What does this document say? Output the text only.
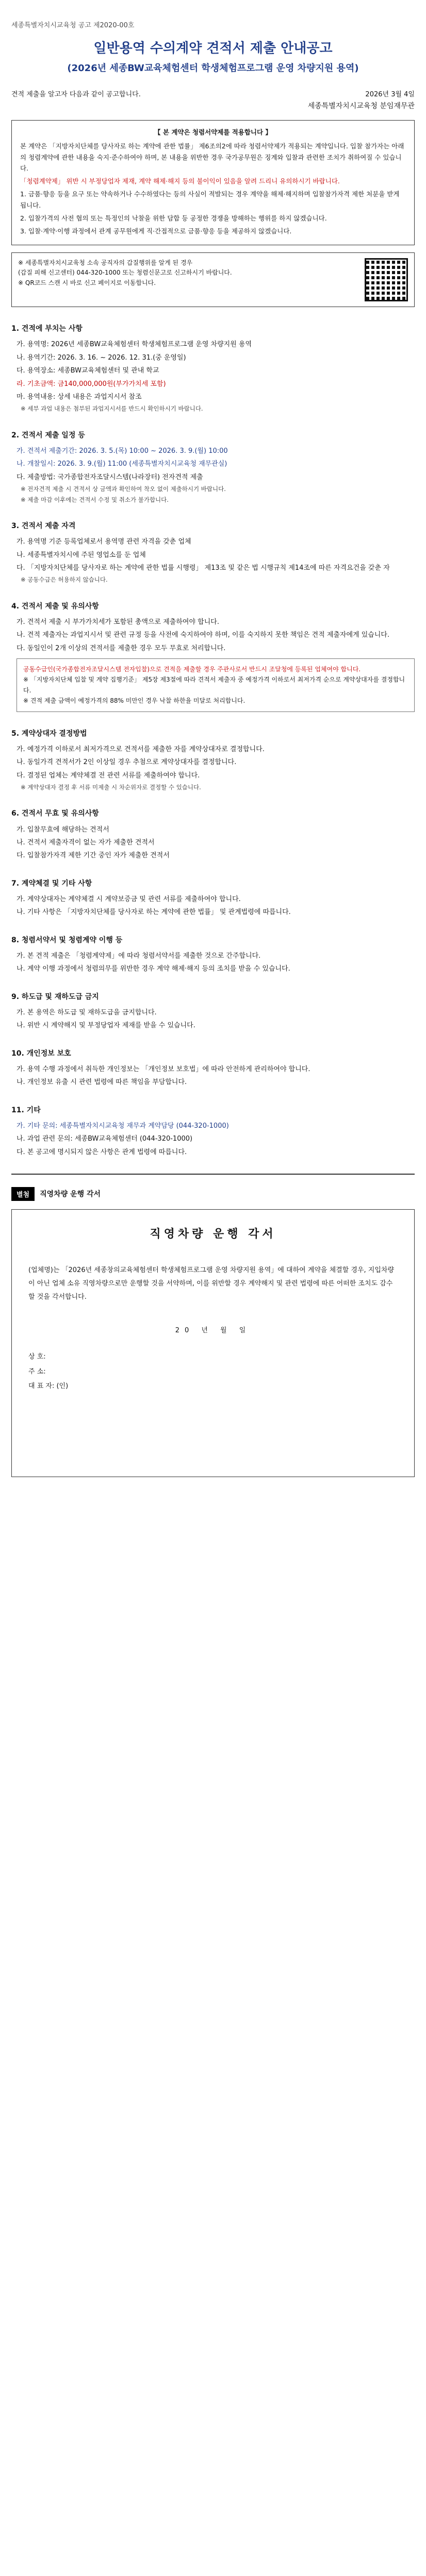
세종특별자치시교육청 공고 제2020-00호
일반용역 수의계약 견적서 제출 안내공고
(2026년 세종BW교육체험센터 학생체험프로그램 운영 차량지원 용역)
견적 제출을 알고자 다음과 같이 공고합니다.	2026년 3월 4일
세종특별자치시교육청 분임재무관
【 본 계약은 청렴서약제를 적용합니다 】

본 계약은 「지방자치단체를 당사자로 하는 계약에 관한 법률」 제6조의2에 따라 청렴서약제가 적용되는 계약입니다. 입찰 참가자는 아래의 청렴계약에 관한 내용을 숙지·준수하여야 하며, 본 내용을 위반한 경우 국가공무원은 징계와 입찰과 관련한 조치가 취하여질 수 있습니다.

「청렴계약제」 위반 시 부정당업자 제재, 계약 해제·해지 등의 불이익이 있음을 알려 드리니 유의하시기 바랍니다.

1. 금품·향응 등을 요구 또는 약속하거나 수수하였다는 등의 사실이 적발되는 경우 계약을 해제·해지하며 입찰참가자격 제한 처분을 받게 됩니다.

2. 입찰가격의 사전 협의 또는 특정인의 낙찰을 위한 담합 등 공정한 경쟁을 방해하는 행위를 하지 않겠습니다.

3. 입찰·계약·이행 과정에서 관계 공무원에게 직·간접적으로 금품·향응 등을 제공하지 않겠습니다.

※ 세종특별자치시교육청 소속 공직자의 갑질행위를 알게 된 경우
(갑질 피해 신고센터) 044-320-1000 또는 청렴신문고로 신고하시기 바랍니다.
※ QR코드 스캔 시 바로 신고 페이지로 이동합니다.
1. 견적에 부치는 사항

가. 용역명: 2026년 세종BW교육체험센터 학생체험프로그램 운영 차량지원 용역

나. 용역기간: 2026. 3. 16. ~ 2026. 12. 31.(중 운영일)

다. 용역장소: 세종BW교육체험센터 및 관내 학교

라. 기초금액: 금140,000,000원(부가가치세 포함)

마. 용역내용: 상세 내용은 과업지시서 참조

※ 세부 과업 내용은 첨부된 과업지시서를 반드시 확인하시기 바랍니다.
2. 견적서 제출 일정 등

가. 견적서 제출기간: 2026. 3. 5.(목) 10:00 ~ 2026. 3. 9.(월) 10:00

나. 개찰일시: 2026. 3. 9.(월) 11:00 (세종특별자치시교육청 재무관실)

다. 제출방법: 국가종합전자조달시스템(나라장터) 전자견적 제출

※ 전자견적 제출 시 견적서 상 금액과 확인하여 착오 없이 제출하시기 바랍니다.
※ 제출 마감 이후에는 견적서 수정 및 취소가 불가합니다.
3. 견적서 제출 자격

가. 용역명 기준 등록업체로서 용역명 관련 자격을 갖춘 업체

나. 세종특별자치시에 주된 영업소를 둔 업체

다. 「지방자치단체를 당사자로 하는 계약에 관한 법률 시행령」 제13조 및 같은 법 시행규칙 제14조에 따른 자격요건을 갖춘 자

※ 공동수급은 허용하지 않습니다.
4. 견적서 제출 및 유의사항

가. 견적서 제출 시 부가가치세가 포함된 총액으로 제출하여야 합니다.

나. 견적 제출자는 과업지시서 및 관련 규정 등을 사전에 숙지하여야 하며, 이를 숙지하지 못한 책임은 견적 제출자에게 있습니다.

다. 동일인이 2개 이상의 견적서를 제출한 경우 모두 무효로 처리합니다.

공동수급인(국가종합전자조달시스템 전자입찰)으로 견적을 제출할 경우 주관사로서 반드시 조달청에 등록된 업체여야 합니다.
※ 「지방자치단체 입찰 및 계약 집행기준」 제5장 제3절에 따라 견적서 제출자 중 예정가격 이하로서 최저가격 순으로 계약상대자를 결정합니다.
※ 견적 제출 금액이 예정가격의 88% 미만인 경우 낙찰 하한율 미달로 처리합니다.
5. 계약상대자 결정방법

가. 예정가격 이하로서 최저가격으로 견적서를 제출한 자를 계약상대자로 결정합니다.

나. 동일가격 견적서가 2인 이상일 경우 추첨으로 계약상대자를 결정합니다.

다. 결정된 업체는 계약체결 전 관련 서류를 제출하여야 합니다.

※ 계약상대자 결정 후 서류 미제출 시 차순위자로 결정할 수 있습니다.
6. 견적서 무효 및 유의사항

가. 입찰무효에 해당하는 견적서

나. 견적서 제출자격이 없는 자가 제출한 견적서

다. 입찰참가자격 제한 기간 중인 자가 제출한 견적서

7. 계약체결 및 기타 사항

가. 계약상대자는 계약체결 시 계약보증금 및 관련 서류를 제출하여야 합니다.

나. 기타 사항은 「지방자치단체를 당사자로 하는 계약에 관한 법률」 및 관계법령에 따릅니다.

8. 청렴서약서 및 청렴계약 이행 등

가. 본 견적 제출은 「청렴계약제」에 따라 청렴서약서를 제출한 것으로 간주합니다.

나. 계약 이행 과정에서 청렴의무를 위반한 경우 계약 해제·해지 등의 조치를 받을 수 있습니다.

9. 하도급 및 재하도급 금지

가. 본 용역은 하도급 및 재하도급을 금지합니다.

나. 위반 시 계약해지 및 부정당업자 제재를 받을 수 있습니다.

10. 개인정보 보호

가. 용역 수행 과정에서 취득한 개인정보는 「개인정보 보호법」에 따라 안전하게 관리하여야 합니다.

나. 개인정보 유출 시 관련 법령에 따른 책임을 부담합니다.

11. 기타

가. 기타 문의: 세종특별자치시교육청 재무과 계약담당 (044-320-1000)

나. 과업 관련 문의: 세종BW교육체험센터 (044-320-1000)

다. 본 공고에 명시되지 않은 사항은 관계 법령에 따릅니다.

별첨	직영차량 운행 각서
직영차량 운행 각서
(업체명)는 「2026년 세종창의교육체험센터 학생체험프로그램 운영 차량지원 용역」에 대하여 계약을 체결할 경우, 지입차량이 아닌 업체 소유 직영차량으로만 운행할 것을 서약하며, 이를 위반할 경우 계약해지 및 관련 법령에 따른 어떠한 조치도 감수할 것을 각서합니다.
20 년 월 일
상 호:
주 소:
대 표 자: (인)
